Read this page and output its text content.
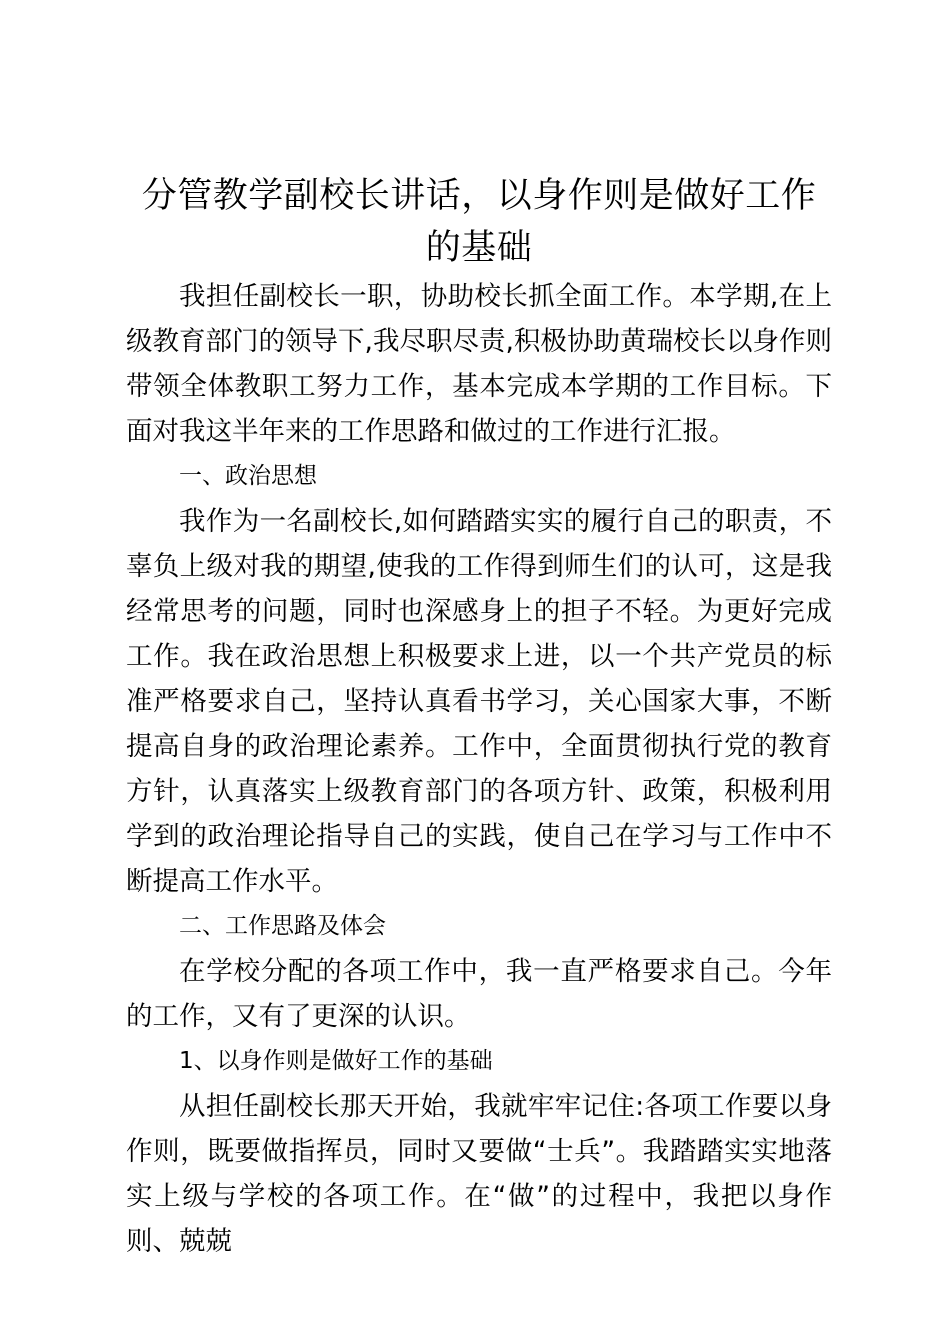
分管教学副校长讲话，以身作则是做好工作的基础

我担任副校长一职，协助校长抓全面工作。本学期,在上级教育部门的领导下,我尽职尽责,积极协助黄瑞校长以身作则带领全体教职工努力工作，基本完成本学期的工作目标。下面对我这半年来的工作思路和做过的工作进行汇报。

一、政治思想

我作为一名副校长,如何踏踏实实的履行自己的职责，不辜负上级对我的期望,使我的工作得到师生们的认可，这是我经常思考的问题，同时也深感身上的担子不轻。为更好完成工作。我在政治思想上积极要求上进，以一个共产党员的标准严格要求自己，坚持认真看书学习，关心国家大事，不断提高自身的政治理论素养。工作中，全面贯彻执行党的教育方针，认真落实上级教育部门的各项方针、政策，积极利用学到的政治理论指导自己的实践，使自己在学习与工作中不断提高工作水平。

二、工作思路及体会

在学校分配的各项工作中，我一直严格要求自己。今年的工作，又有了更深的认识。

1、以身作则是做好工作的基础

从担任副校长那天开始，我就牢牢记住:各项工作要以身作则，既要做指挥员，同时又要做“士兵”。我踏踏实实地落实上级与学校的各项工作。在“做”的过程中，我把以身作则、兢兢
